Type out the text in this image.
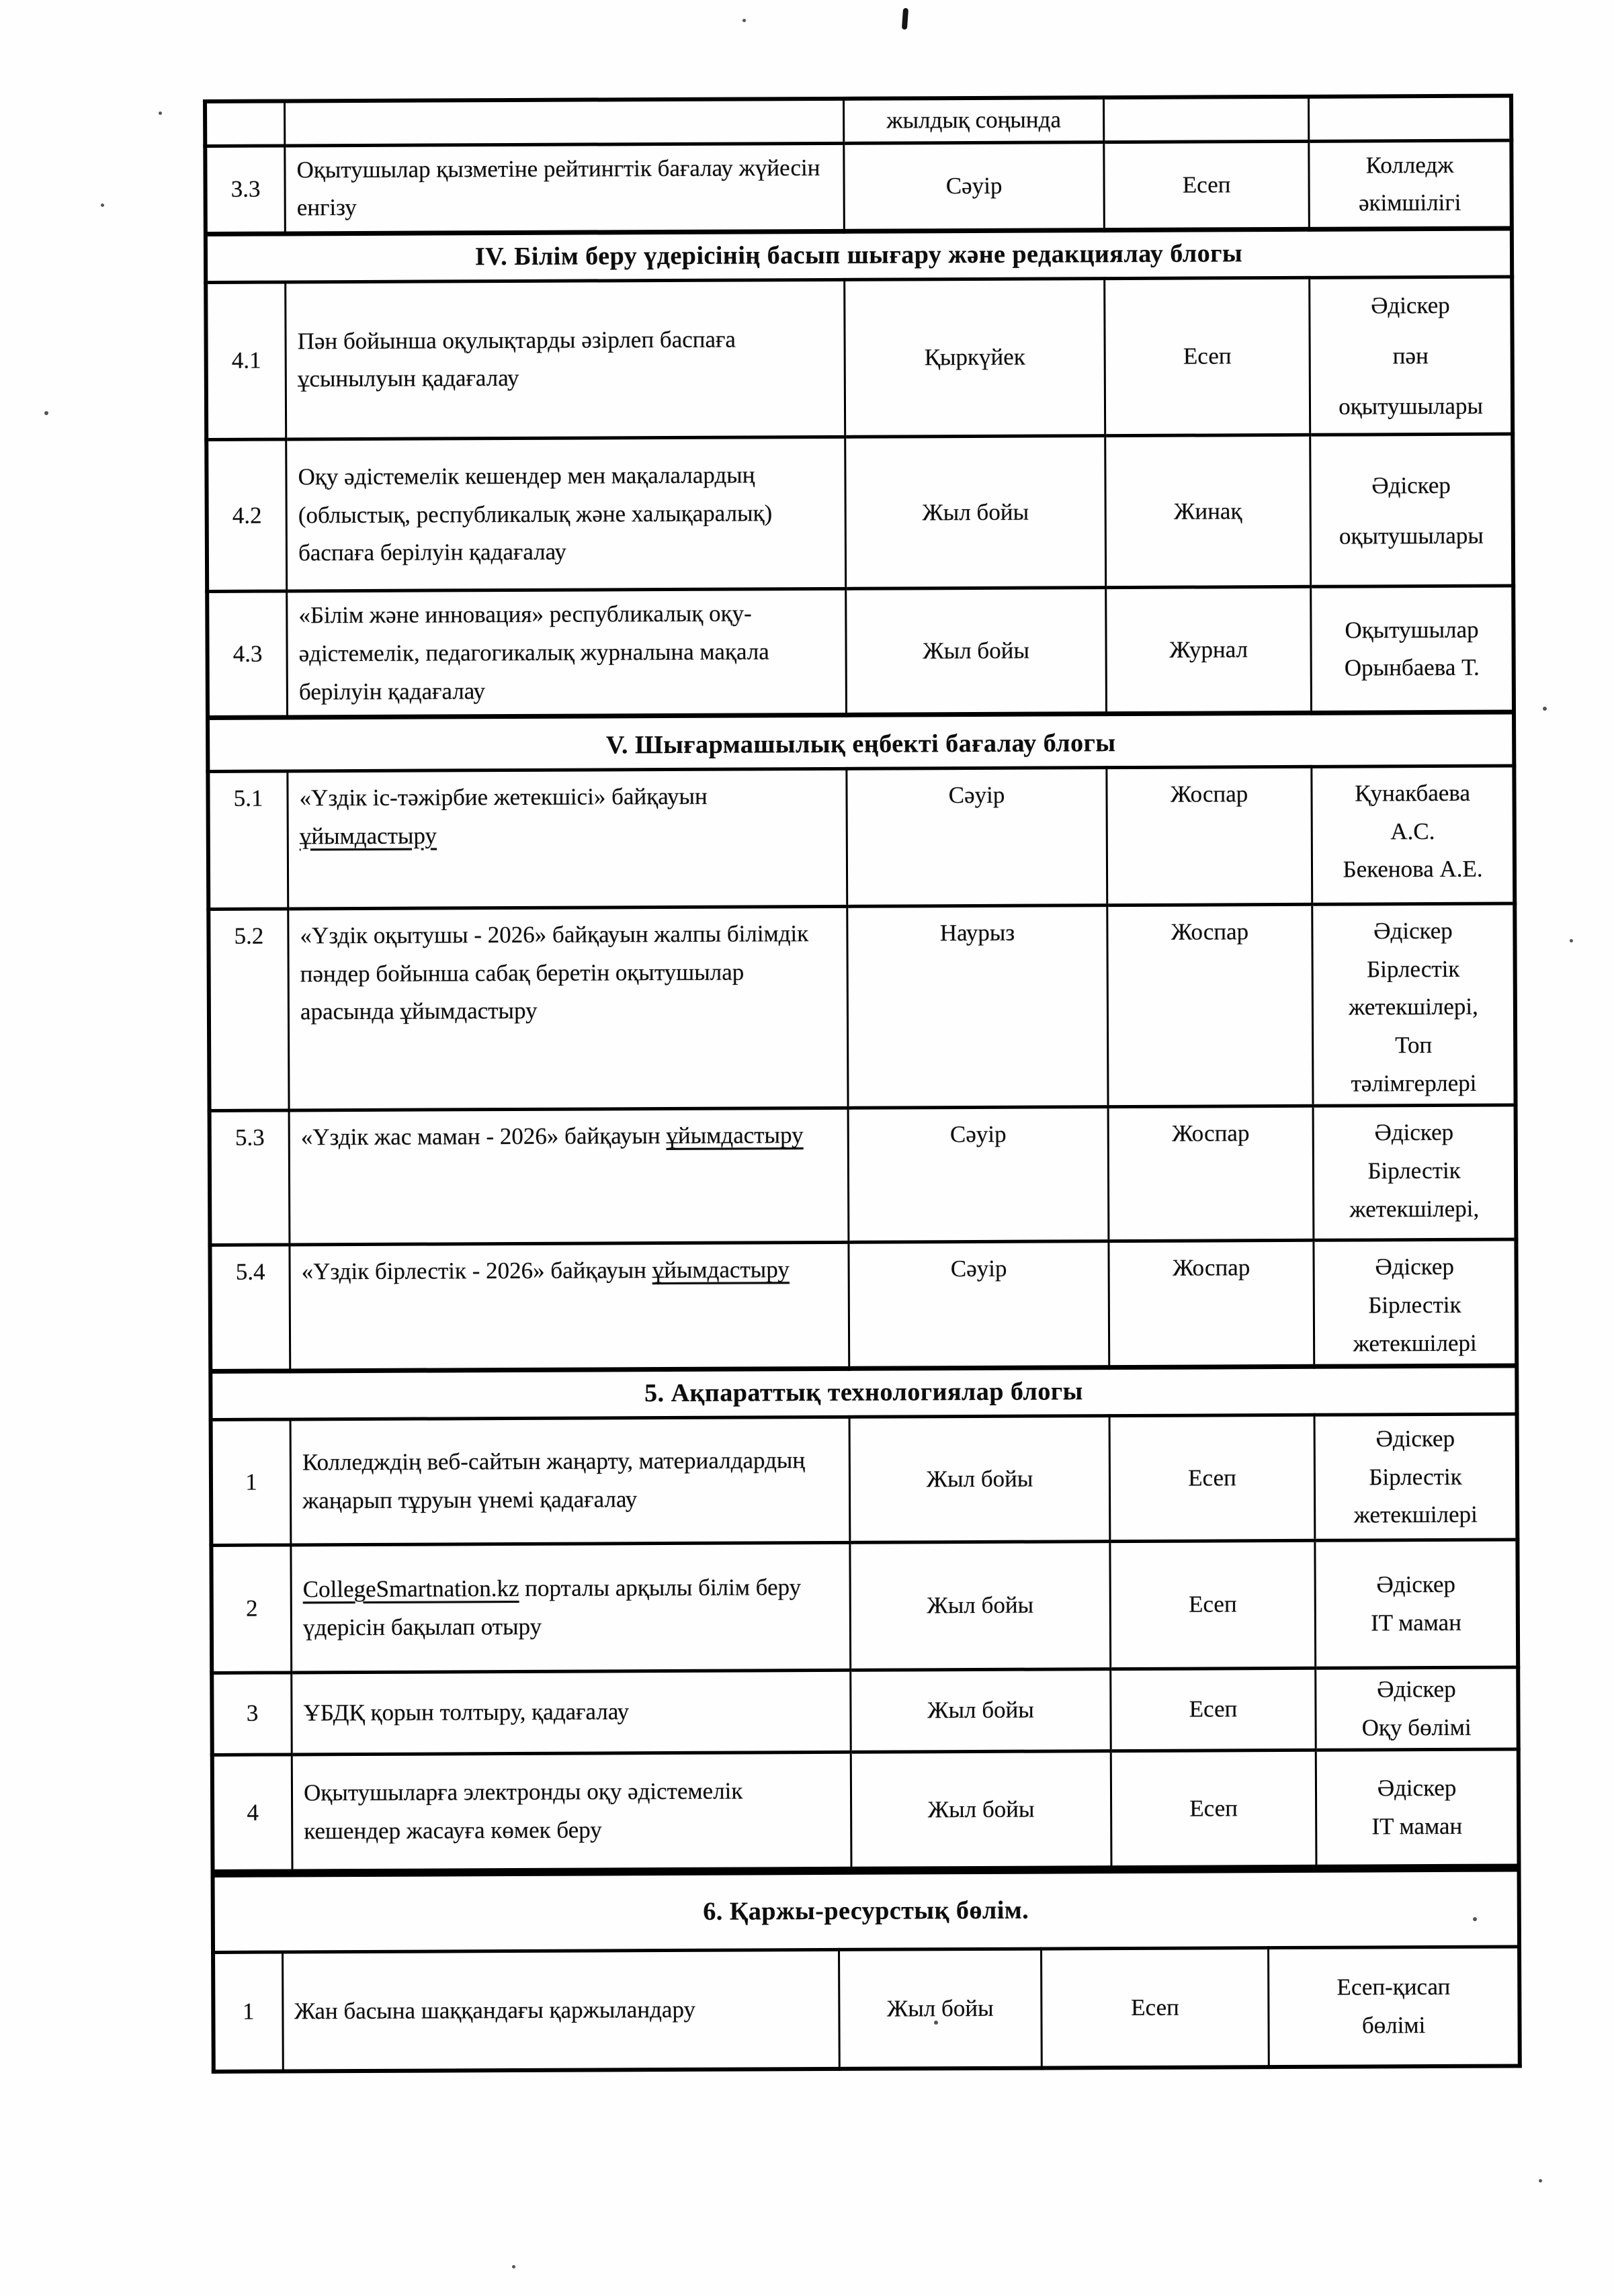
		жылдық соңында		
3.3	Оқытушылар қызметіне рейтингтік бағалау жүйесін енгізу	Сәуір	Есеп	Колледж
әкімшілігі
IV. Білім беру үдерісінің басып шығару және редакциялау блогы				
4.1	Пән бойынша оқулықтарды әзірлеп баспаға ұсынылуын қадағалау	Қыркүйек	Есеп	Әдіскер
пән
оқытушылары
4.2	Оқу әдістемелік кешендер мен мақалалардың (облыстық, республикалық және халықаралық) баспаға берілуін қадағалау	Жыл бойы	Жинақ	Әдіскер
оқытушылары
4.3	«Білім және инновация» республикалық оқу-әдістемелік, педагогикалық журналына мақала берілуін қадағалау	Жыл бойы	Журнал	Оқытушылар
Орынбаева Т.
V. Шығармашылық еңбекті бағалау блогы				
5.1	«Үздік іс-тәжірбие жетекшісі» байқауын ұйымдастыру	Сәуір	Жоспар	Қунакбаева
А.С.
Бекенова А.Е.
5.2	«Үздік оқытушы - 2026» байқауын жалпы білімдік пәндер бойынша сабақ беретін оқытушылар арасында ұйымдастыру	Наурыз	Жоспар	Әдіскер
Бірлестік
жетекшілері,
Топ
тәлімгерлері
5.3	«Үздік жас маман - 2026» байқауын ұйымдастыру	Сәуір	Жоспар	Әдіскер
Бірлестік
жетекшілері,
5.4	«Үздік бірлестік - 2026» байқауын ұйымдастыру	Сәуір	Жоспар	Әдіскер
Бірлестік
жетекшілері
5. Ақпараттық технологиялар блогы				
1	Колледждің веб-сайтын жаңарту, материалдардың жаңарып тұруын үнемі қадағалау	Жыл бойы	Есеп	Әдіскер
Бірлестік
жетекшілері
2	CollegeSmartnation.kz порталы арқылы білім беру үдерісін бақылап отыру	Жыл бойы	Есеп	Әдіскер
IT маман
3	ҰБДҚ қорын толтыру, қадағалау	Жыл бойы	Есеп	Әдіскер
Оқу бөлімі
4	Оқытушыларға электронды оқу әдістемелік кешендер жасауға көмек беру	Жыл бойы	Есеп	Әдіскер
IT маман
6. Қаржы-ресурстық бөлім.
1	Жан басына шаққандағы қаржыландару	Жыл бойы	Есеп	Есеп-қисап
бөлімі
